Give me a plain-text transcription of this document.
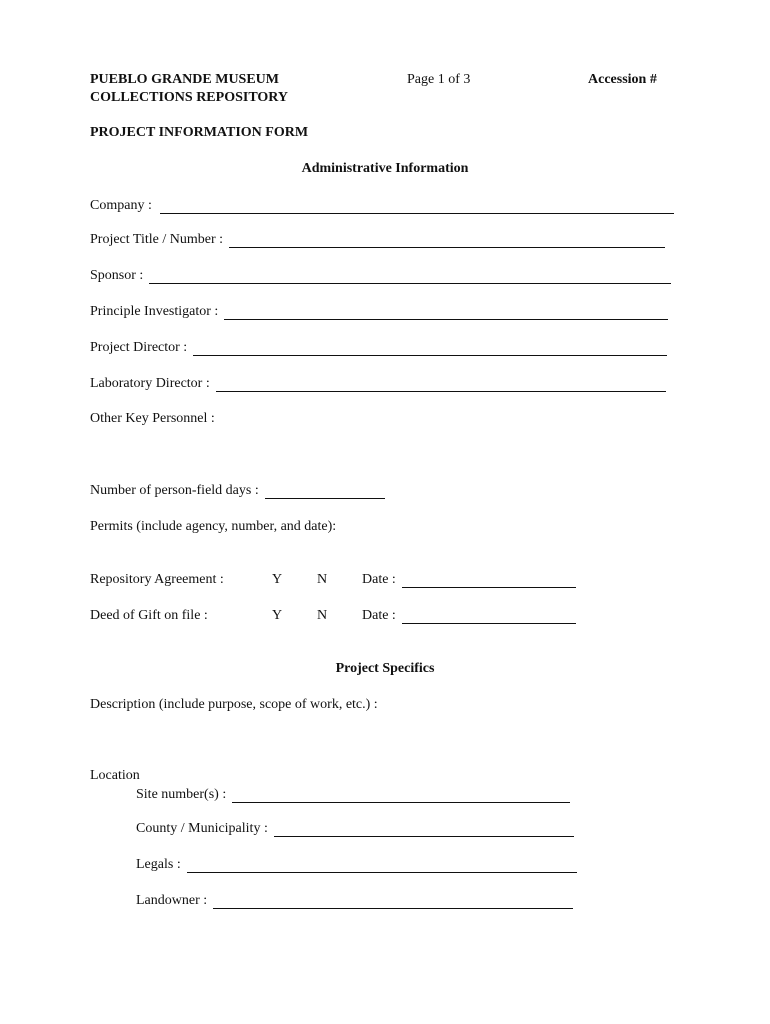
PUEBLO GRANDE MUSEUM
COLLECTIONS REPOSITORY
Page 1 of 3	Accession #
PROJECT INFORMATION FORM
Administrative Information
Company :
Project Title / Number :
Sponsor :
Principle Investigator :
Project Director :
Laboratory Director :
Other Key Personnel :
Number of person-field days :
Permits (include agency, number, and date):
Repository Agreement :	Y N Date :
Deed of Gift on file :	Y N Date :
Project Specifics
Description (include purpose, scope of work, etc.) :
Location
Site number(s) :
County / Municipality :
Legals :
Landowner :
